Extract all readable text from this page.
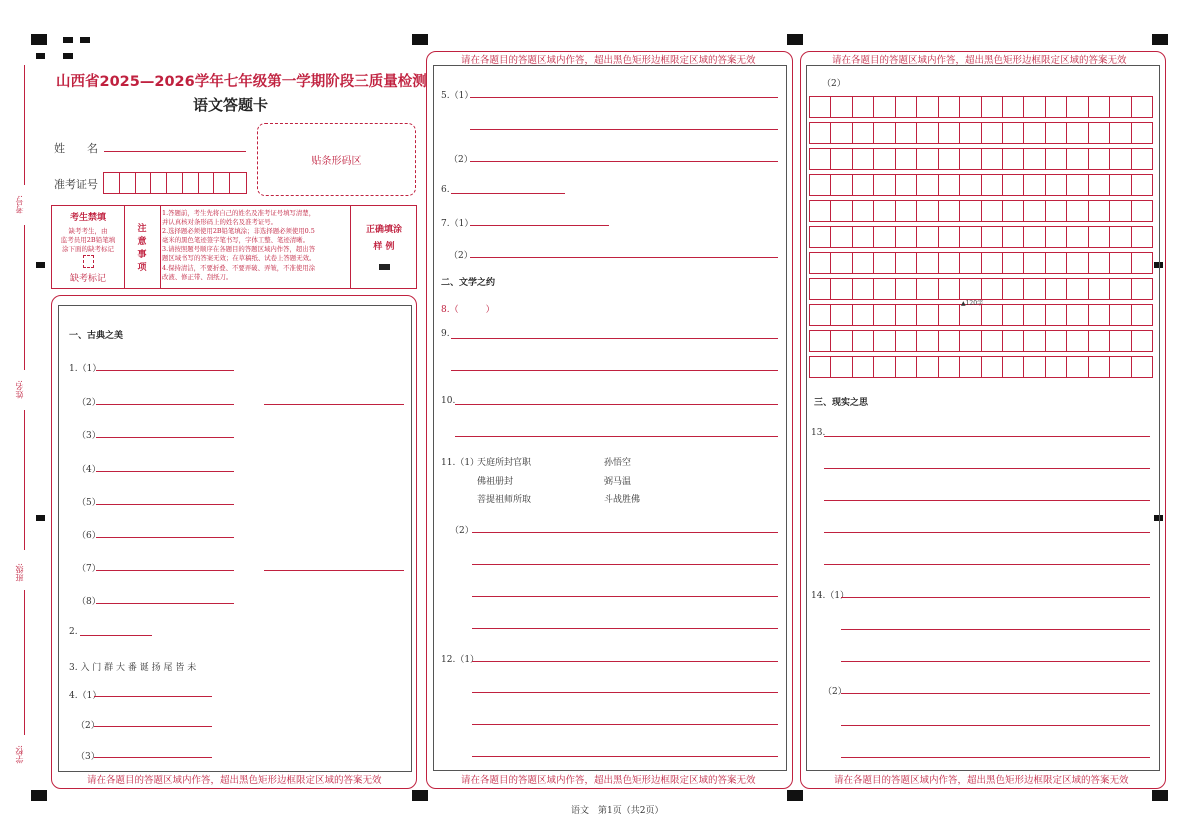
考号:
姓名:
班级:
学校:
山西省2025—2026学年七年级第一学期阶段三质量检测
语文答题卡
姓　　名
准考证号
贴条形码区
考生禁填
缺考考生，由
监考员用2B铅笔填
涂下面的缺考标记
缺考标记
注
意
事
项
1.答题前，考生先将自己的姓名及准考证号填写清楚，
并认真核对条形码上的姓名及准考证号。
2.选择题必须使用2B铅笔填涂；非选择题必须使用0.5
毫米的黑色笔迹签字笔书写，字体工整、笔迹清晰。
3.请按照题号顺序在各题目的答题区域内作答，超出答
题区域书写的答案无效；在草稿纸、试卷上答题无效。
4.保持清洁，不要折叠、不要弄破、弄皱，不准使用涂
改液、修正带、刮纸刀。
正确填涂
样 例
请在各题目的答题区域内作答，超出黑色矩形边框限定区域的答案无效
一、古典之美
1.（1）
（2）
（3）
（4）
（5）
（6）
（7）
（8）
2.
3. 入 门 群 大 番 诞 扬 尾 皆 未
4.（1）
（2）
（3）
请在各题目的答题区域内作答，超出黑色矩形边框限定区域的答案无效
请在各题目的答题区域内作答，超出黑色矩形边框限定区域的答案无效
5.（1）
（2）
6.
7.（1）
（2）
二、文学之约
8.（　　　）
9.
10.
11.（1）
天庭所封官职	孙悟空
佛祖册封	弼马温
菩提祖师所取	斗战胜佛
（2）
12.（1）
请在各题目的答题区域内作答，超出黑色矩形边框限定区域的答案无效
请在各题目的答题区域内作答，超出黑色矩形边框限定区域的答案无效
（2）
▲120字
三、现实之思
13.
14.（1）
（2）
语文　第1页（共2页）
